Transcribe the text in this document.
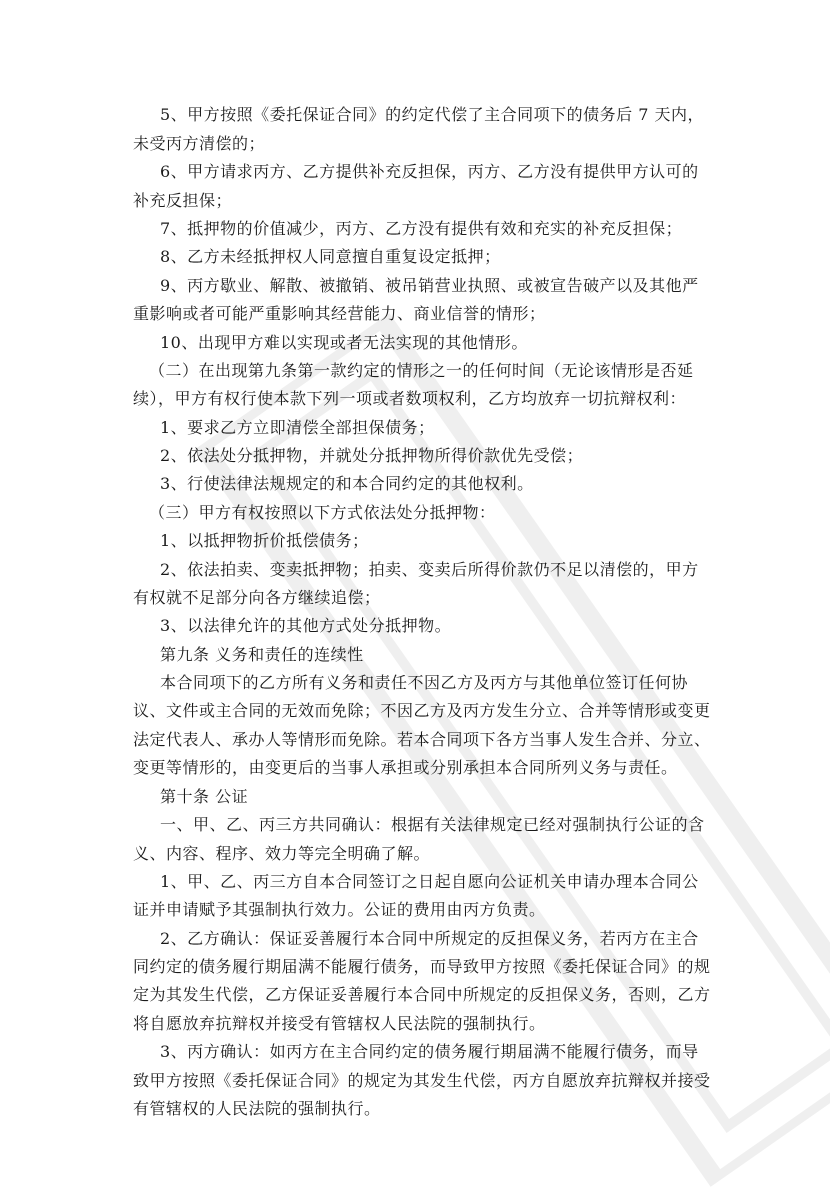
5、甲方按照《委托保证合同》的约定代偿了主合同项下的债务后 7 天内，
未受丙方清偿的；
6、甲方请求丙方、乙方提供补充反担保，丙方、乙方没有提供甲方认可的
补充反担保；
7、抵押物的价值减少，丙方、乙方没有提供有效和充实的补充反担保；
8、乙方未经抵押权人同意擅自重复设定抵押；
9、丙方歇业、解散、被撤销、被吊销营业执照、或被宣告破产以及其他严
重影响或者可能严重影响其经营能力、商业信誉的情形；
10、出现甲方难以实现或者无法实现的其他情形。
（二）在出现第九条第一款约定的情形之一的任何时间（无论该情形是否延
续），甲方有权行使本款下列一项或者数项权利，乙方均放弃一切抗辩权利：
1、要求乙方立即清偿全部担保债务；
2、依法处分抵押物，并就处分抵押物所得价款优先受偿；
3、行使法律法规规定的和本合同约定的其他权利。
（三）甲方有权按照以下方式依法处分抵押物：
1、以抵押物折价抵偿债务；
2、依法拍卖、变卖抵押物；拍卖、变卖后所得价款仍不足以清偿的，甲方
有权就不足部分向各方继续追偿；
3、以法律允许的其他方式处分抵押物。
第九条 义务和责任的连续性
本合同项下的乙方所有义务和责任不因乙方及丙方与其他单位签订任何协
议、文件或主合同的无效而免除；不因乙方及丙方发生分立、合并等情形或变更
法定代表人、承办人等情形而免除。若本合同项下各方当事人发生合并、分立、
变更等情形的，由变更后的当事人承担或分别承担本合同所列义务与责任。
第十条 公证
一、甲、乙、丙三方共同确认：根据有关法律规定已经对强制执行公证的含
义、内容、程序、效力等完全明确了解。
1、甲、乙、丙三方自本合同签订之日起自愿向公证机关申请办理本合同公
证并申请赋予其强制执行效力。公证的费用由丙方负责。
2、乙方确认：保证妥善履行本合同中所规定的反担保义务，若丙方在主合
同约定的债务履行期届满不能履行债务，而导致甲方按照《委托保证合同》的规
定为其发生代偿，乙方保证妥善履行本合同中所规定的反担保义务，否则，乙方
将自愿放弃抗辩权并接受有管辖权人民法院的强制执行。
3、丙方确认：如丙方在主合同约定的债务履行期届满不能履行债务，而导
致甲方按照《委托保证合同》的规定为其发生代偿，丙方自愿放弃抗辩权并接受
有管辖权的人民法院的强制执行。
